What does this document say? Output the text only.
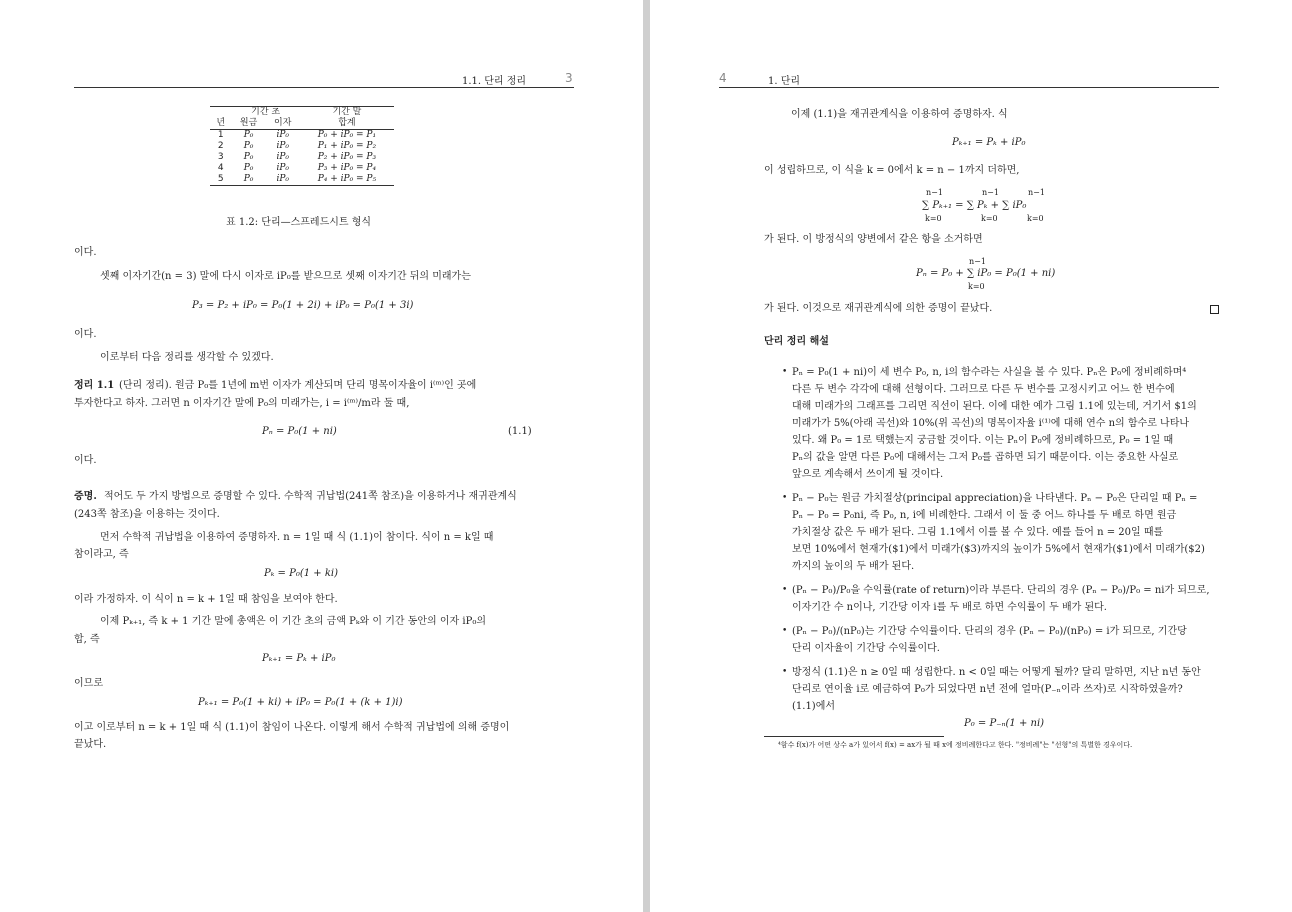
1.1. 단리 정리	3
	기간 초		기간 말
년	원금	이자	합계
1	P₀	iP₀	P₀ + iP₀ = P₁
2	P₀	iP₀	P₁ + iP₀ = P₂
3	P₀	iP₀	P₂ + iP₀ = P₃
4	P₀	iP₀	P₃ + iP₀ = P₄
5	P₀	iP₀	P₄ + iP₀ = P₅
표 1.2: 단리—스프레드시트 형식
이다.
셋째 이자기간(n = 3) 말에 다시 이자로 iP₀를 받으므로 셋째 이자기간 뒤의 미래가는
P₃ = P₂ + iP₀ = P₀(1 + 2i) + iP₀ = P₀(1 + 3i)
이다.
이로부터 다음 정리를 생각할 수 있겠다.
정리 1.1 (단리 정리). 원금 P₀를 1년에 m번 이자가 계산되며 단리 명목이자율이 i⁽ᵐ⁾인 곳에
투자한다고 하자. 그러면 n 이자기간 말에 P₀의 미래가는, i = i⁽ᵐ⁾/m라 둘 때,
Pₙ = P₀(1 + ni)	(1.1)
이다.
증명. 적어도 두 가지 방법으로 증명할 수 있다. 수학적 귀납법(241쪽 참조)을 이용하거나 재귀관계식
(243쪽 참조)을 이용하는 것이다.
먼저 수학적 귀납법을 이용하여 증명하자. n = 1일 때 식 (1.1)이 참이다. 식이 n = k일 때
참이라고, 즉
Pₖ = P₀(1 + ki)
이라 가정하자. 이 식이 n = k + 1일 때 참임을 보여야 한다.
이제 Pₖ₊₁, 즉 k + 1 기간 말에 총액은 이 기간 초의 금액 Pₖ와 이 기간 동안의 이자 iP₀의
합, 즉
Pₖ₊₁ = Pₖ + iP₀
이므로
Pₖ₊₁ = P₀(1 + ki) + iP₀ = P₀(1 + (k + 1)i)
이고 이로부터 n = k + 1일 때 식 (1.1)이 참임이 나온다. 이렇게 해서 수학적 귀납법에 의해 증명이
끝났다.
4	1. 단리
이제 (1.1)을 재귀관계식을 이용하여 증명하자. 식
Pₖ₊₁ = Pₖ + iP₀
이 성립하므로, 이 식을 k = 0에서 k = n − 1까지 더하면,
n−1	n−1	n−1
∑ Pₖ₊₁ = ∑ Pₖ + ∑ iP₀
k=0	k=0	k=0
가 된다. 이 방정식의 양변에서 같은 항을 소거하면
n−1
Pₙ = P₀ + ∑ iP₀ = P₀(1 + ni)
k=0
가 된다. 이것으로 재귀관계식에 의한 증명이 끝났다.
단리 정리 해설
• Pₙ = P₀(1 + ni)이 세 변수 P₀, n, i의 함수라는 사실을 볼 수 있다. Pₙ은 P₀에 정비례하며⁴
다른 두 변수 각각에 대해 선형이다. 그러므로 다른 두 변수를 고정시키고 어느 한 변수에
대해 미래가의 그래프를 그리면 직선이 된다. 이에 대한 예가 그림 1.1에 있는데, 거기서 $1의
미래가가 5%(아래 곡선)와 10%(위 곡선)의 명목이자율 i⁽¹⁾에 대해 연수 n의 함수로 나타나
있다. 왜 P₀ = 1로 택했는지 궁금할 것이다. 이는 Pₙ이 P₀에 정비례하므로, P₀ = 1일 때
Pₙ의 값을 알면 다른 P₀에 대해서는 그저 P₀를 곱하면 되기 때문이다. 이는 중요한 사실로
앞으로 계속해서 쓰이게 될 것이다.
• Pₙ − P₀는 원금 가치절상(principal appreciation)을 나타낸다. Pₙ − P₀은 단리일 때 Pₙ =
Pₙ − P₀ = P₀ni, 즉 P₀, n, i에 비례한다. 그래서 이 둘 중 어느 하나를 두 배로 하면 원금
가치절상 값은 두 배가 된다. 그림 1.1에서 이를 볼 수 있다. 예를 들어 n = 20일 때를
보면 10%에서 현재가($1)에서 미래가($3)까지의 높이가 5%에서 현재가($1)에서 미래가($2)
까지의 높이의 두 배가 된다.
• (Pₙ − P₀)/P₀을 수익률(rate of return)이라 부른다. 단리의 경우 (Pₙ − P₀)/P₀ = ni가 되므로,
이자기간 수 n이나, 기간당 이자 i를 두 배로 하면 수익률이 두 배가 된다.
• (Pₙ − P₀)/(nP₀)는 기간당 수익률이다. 단리의 경우 (Pₙ − P₀)/(nP₀) = i가 되므로, 기간당
단리 이자율이 기간당 수익률이다.
• 방정식 (1.1)은 n ≥ 0일 때 성립한다. n < 0일 때는 어떻게 될까? 달리 말하면, 지난 n년 동안
단리로 연이율 i로 예금하여 P₀가 되었다면 n년 전에 얼마(P₋ₙ이라 쓰자)로 시작하였을까?
(1.1)에서
P₀ = P₋ₙ(1 + ni)
⁴함수 f(x)가 어떤 상수 a가 있어서 f(x) = ax가 될 때 x에 정비례한다고 한다. "정비례"는 "선형"의 특별한 경우이다.
